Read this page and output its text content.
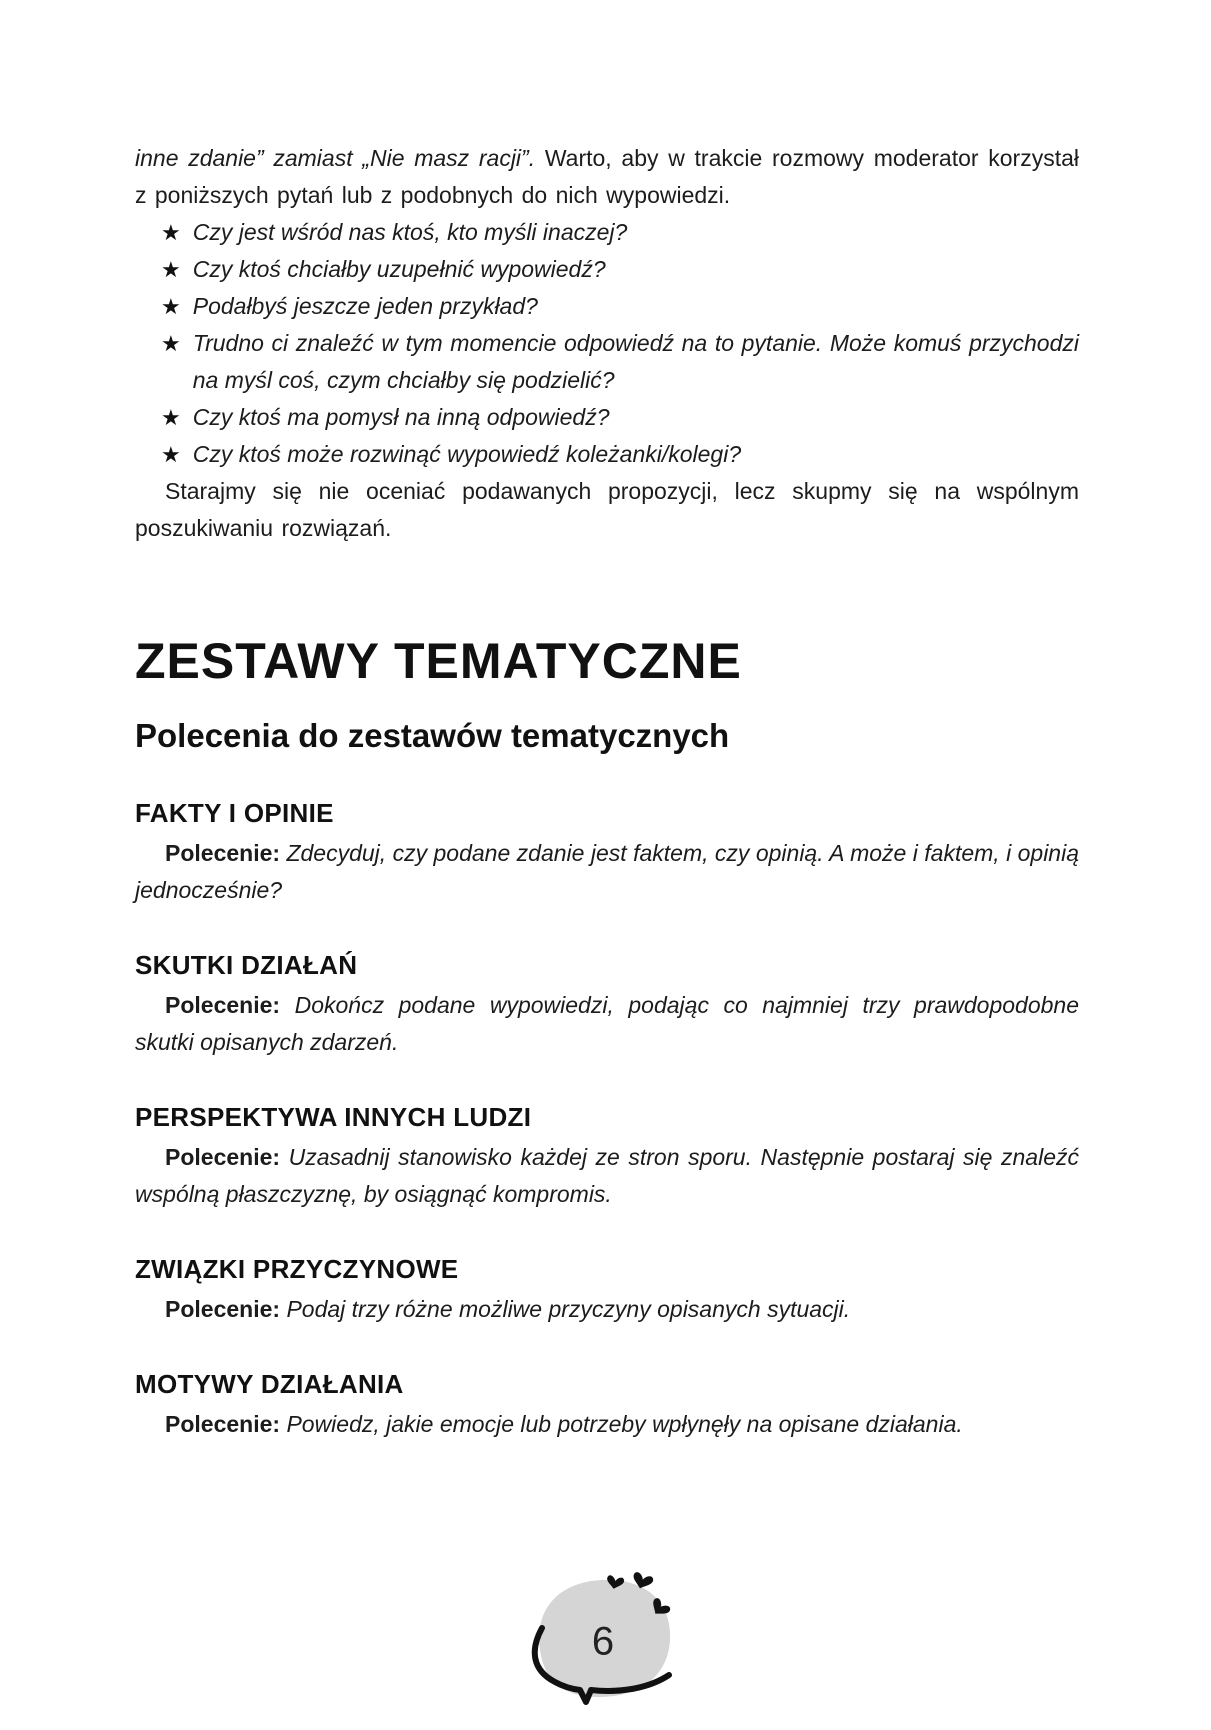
inne zdanie” zamiast „Nie masz racji”. Warto, aby w trakcie rozmowy moderator korzystał z poniższych pytań lub z podobnych do nich wypowiedzi.

★ Czy jest wśród nas ktoś, kto myśli inaczej?
★ Czy ktoś chciałby uzupełnić wypowiedź?
★ Podałbyś jeszcze jeden przykład?
★ Trudno ci znaleźć w tym momencie odpowiedź na to pytanie. Może komuś przychodzi na myśl coś, czym chciałby się podzielić?
★ Czy ktoś ma pomysł na inną odpowiedź?
★ Czy ktoś może rozwinąć wypowiedź koleżanki/kolegi?

Starajmy się nie oceniać podawanych propozycji, lecz skupmy się na wspólnym poszukiwaniu rozwiązań.

ZESTAWY TEMATYCZNE
Polecenia do zestawów tematycznych
FAKTY I OPINIE

Polecenie: Zdecyduj, czy podane zdanie jest faktem, czy opinią. A może i faktem, i opinią jednocześnie?

SKUTKI DZIAŁAŃ

Polecenie: Dokończ podane wypowiedzi, podając co najmniej trzy prawdopodobne skutki opisanych zdarzeń.

PERSPEKTYWA INNYCH LUDZI

Polecenie: Uzasadnij stanowisko każdej ze stron sporu. Następnie postaraj się znaleźć wspólną płaszczyznę, by osiągnąć kompromis.

ZWIĄZKI PRZYCZYNOWE

Polecenie: Podaj trzy różne możliwe przyczyny opisanych sytuacji.

MOTYWY DZIAŁANIA

Polecenie: Powiedz, jakie emocje lub potrzeby wpłynęły na opisane działania.

6
